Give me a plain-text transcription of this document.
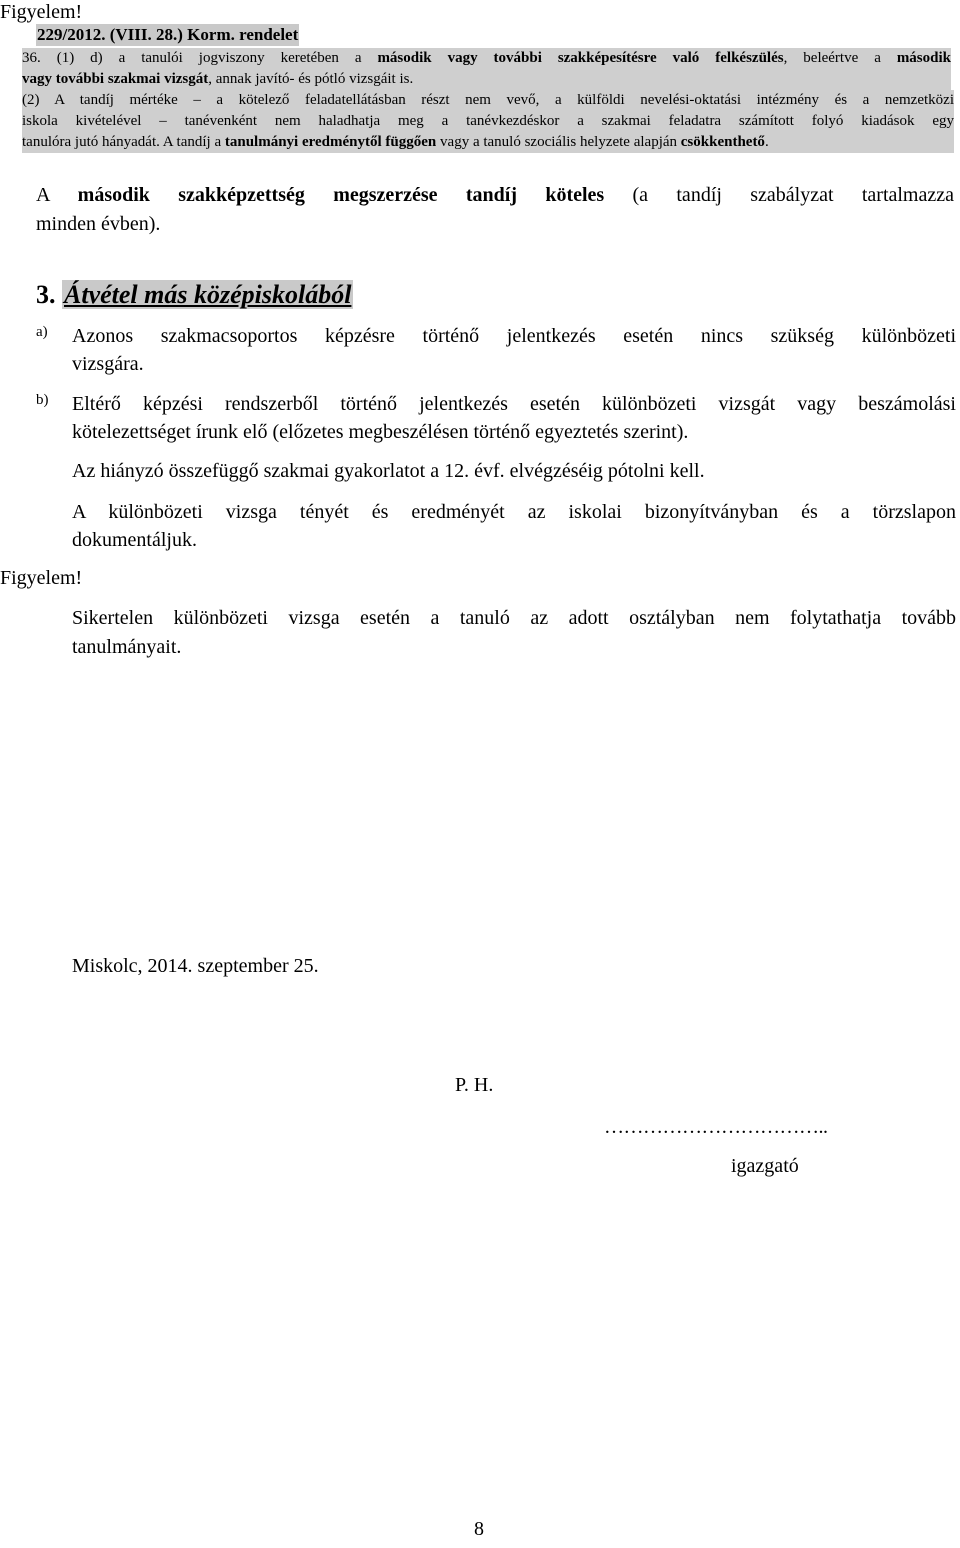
Figyelem!
229/2012. (VIII. 28.) Korm. rendelet
36. (1) d) a tanulói jogviszony keretében a második vagy további szakképesítésre való felkészülés, beleértve a második
vagy további szakmai vizsgát, annak javító- és pótló vizsgáit is.
(2) A tandíj mértéke – a kötelező feladatellátásban részt nem vevő, a külföldi nevelési-oktatási intézmény és a nemzetközi
iskola kivételével – tanévenként nem haladhatja meg a tanévkezdéskor a szakmai feladatra számított folyó kiadások egy
tanulóra jutó hányadát. A tandíj a tanulmányi eredménytől függően vagy a tanuló szociális helyzete alapján csökkenthető.
A második szakképzettség megszerzése tandíj köteles (a tandíj szabályzat tartalmazza
minden évben).
3. Átvétel más középiskolából
a) Azonos szakmacsoportos képzésre történő jelentkezés esetén nincs szükség különbözeti
vizsgára.
b) Eltérő képzési rendszerből történő jelentkezés esetén különbözeti vizsgát vagy beszámolási
kötelezettséget írunk elő (előzetes megbeszélésen történő egyeztetés szerint).
Az hiányzó összefüggő szakmai gyakorlatot a 12. évf. elvégzéséig pótolni kell.
A különbözeti vizsga tényét és eredményét az iskolai bizonyítványban és a törzslapon
dokumentáljuk.
Figyelem!
Sikertelen különbözeti vizsga esetén a tanuló az adott osztályban nem folytathatja tovább
tanulmányait.
Miskolc, 2014. szeptember 25.
P. H.
……………………………..
igazgató
8
